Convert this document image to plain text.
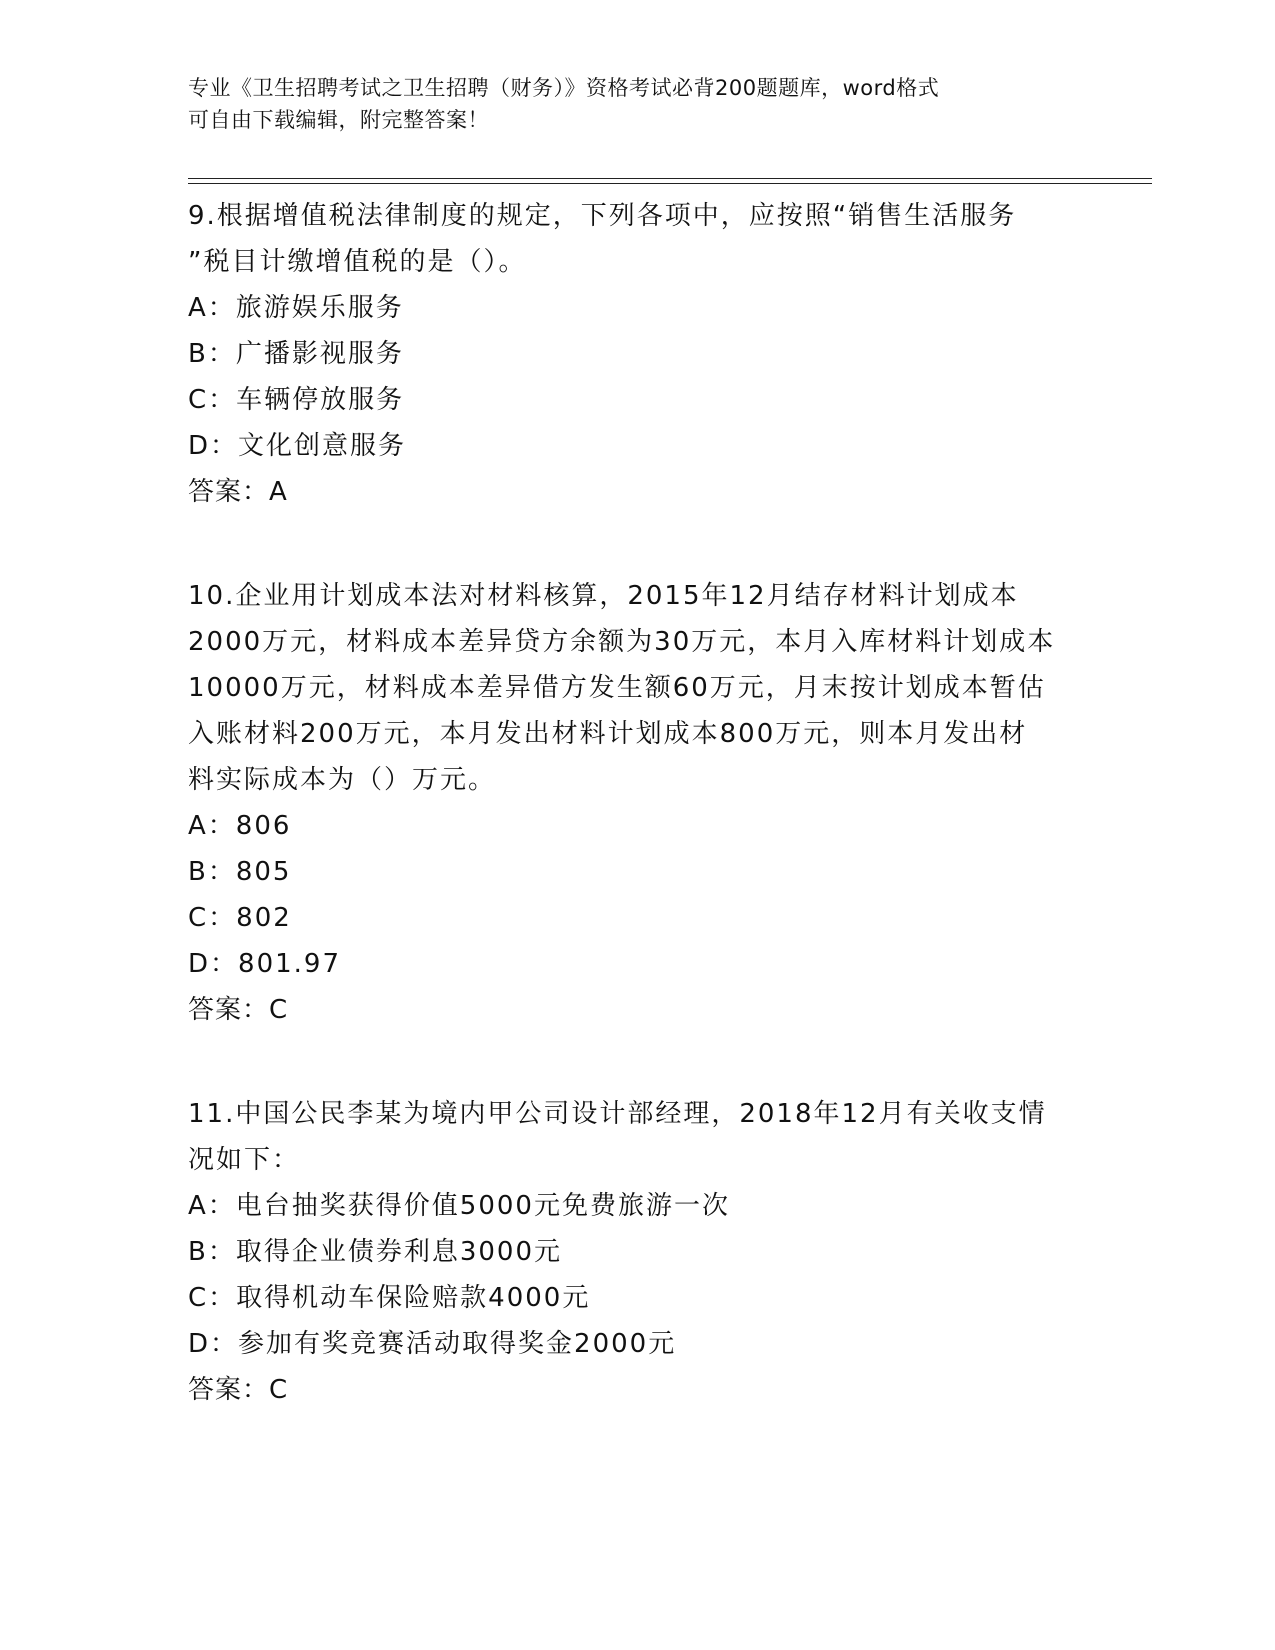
专业《卫生招聘考试之卫生招聘（财务）》资格考试必背200题题库，word格式
可自由下载编辑，附完整答案！
9.根据增值税法律制度的规定，下列各项中，应按照“销售生活服务
”税目计缴增值税的是（）。
A：旅游娱乐服务
B：广播影视服务
C：车辆停放服务
D：文化创意服务
答案：A
10.企业用计划成本法对材料核算，2015年12月结存材料计划成本
2000万元，材料成本差异贷方余额为30万元，本月入库材料计划成本
10000万元，材料成本差异借方发生额60万元，月末按计划成本暂估
入账材料200万元，本月发出材料计划成本800万元，则本月发出材
料实际成本为（）万元。
A：806
B：805
C：802
D：801.97
答案：C
11.中国公民李某为境内甲公司设计部经理，2018年12月有关收支情
况如下：
A：电台抽奖获得价值5000元免费旅游一次
B：取得企业债券利息3000元
C：取得机动车保险赔款4000元
D：参加有奖竞赛活动取得奖金2000元
答案：C
